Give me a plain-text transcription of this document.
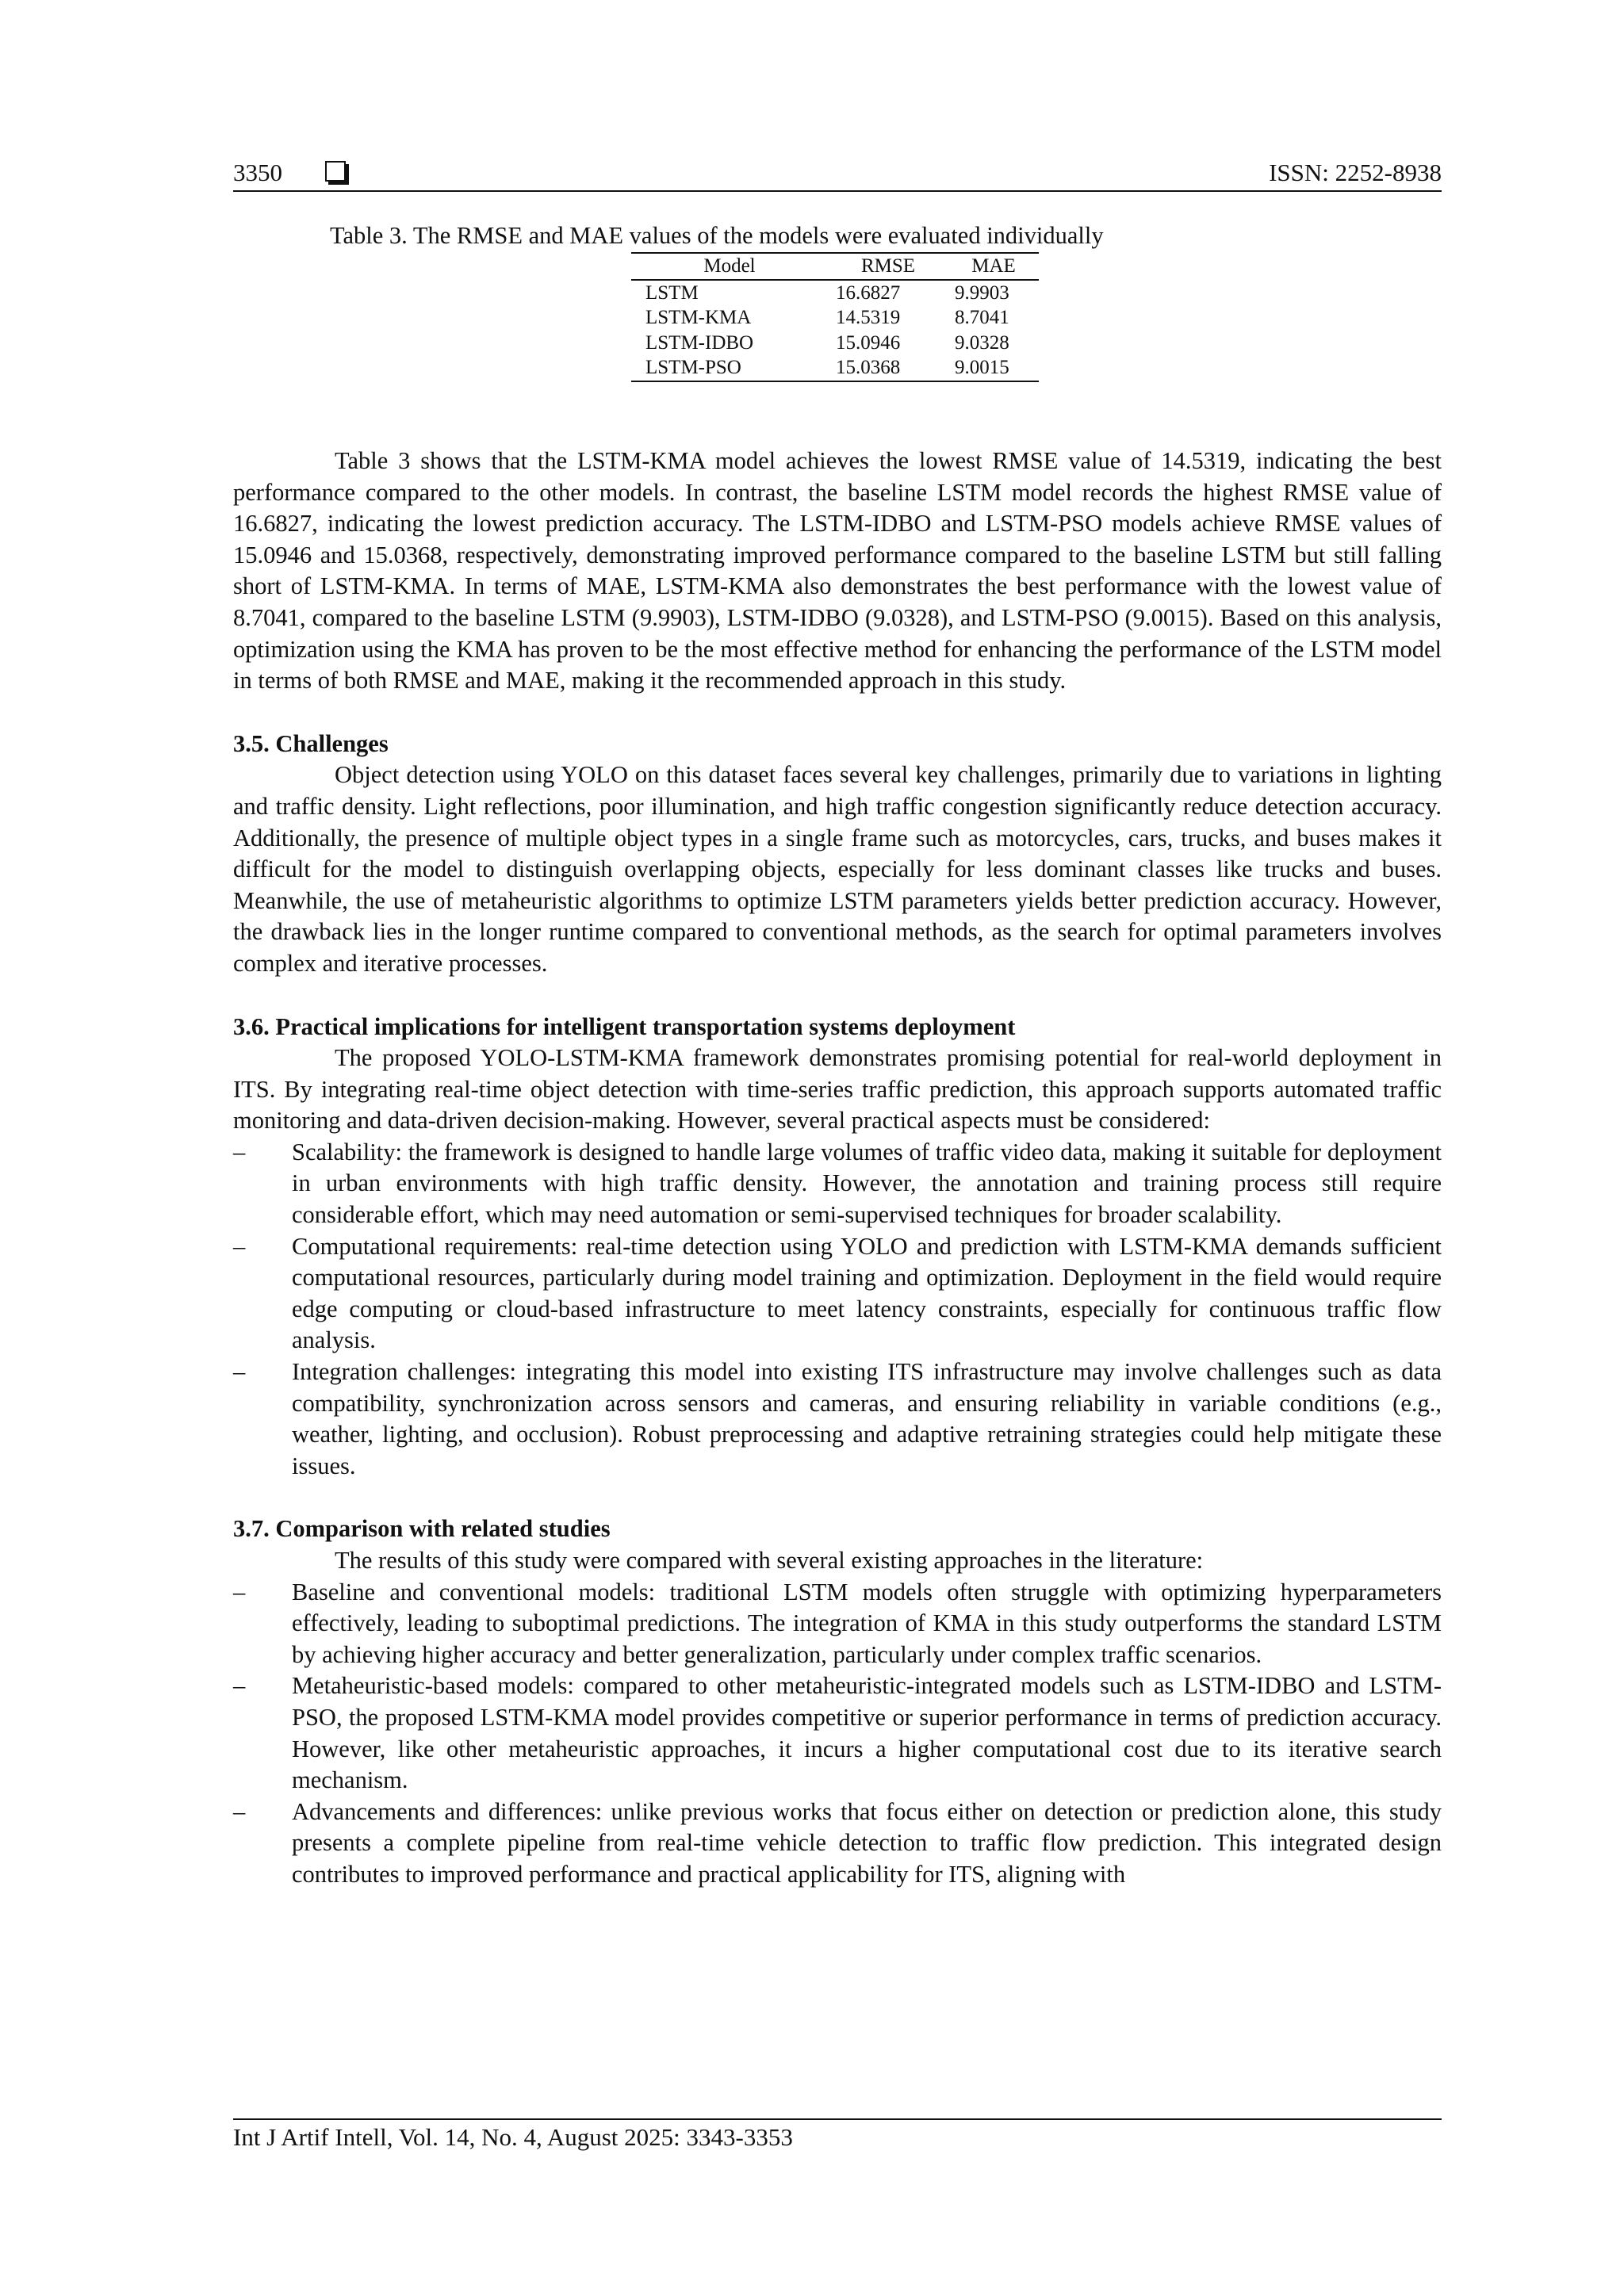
3350	ISSN: 2252-8938
Table 3. The RMSE and MAE values of the models were evaluated individually
Model	RMSE	MAE
LSTM	16.6827	9.9903
LSTM-KMA	14.5319	8.7041
LSTM-IDBO	15.0946	9.0328
LSTM-PSO	15.0368	9.0015

Table 3 shows that the LSTM-KMA model achieves the lowest RMSE value of 14.5319, indicating the best performance compared to the other models. In contrast, the baseline LSTM model records the highest RMSE value of 16.6827, indicating the lowest prediction accuracy. The LSTM-IDBO and LSTM-PSO models achieve RMSE values of 15.0946 and 15.0368, respectively, demonstrating improved performance compared to the baseline LSTM but still falling short of LSTM-KMA. In terms of MAE, LSTM-KMA also demonstrates the best performance with the lowest value of 8.7041, compared to the baseline LSTM (9.9903), LSTM-IDBO (9.0328), and LSTM-PSO (9.0015). Based on this analysis, optimization using the KMA has proven to be the most effective method for enhancing the performance of the LSTM model in terms of both RMSE and MAE, making it the recommended approach in this study.

3.5. Challenges

Object detection using YOLO on this dataset faces several key challenges, primarily due to variations in lighting and traffic density. Light reflections, poor illumination, and high traffic congestion significantly reduce detection accuracy. Additionally, the presence of multiple object types in a single frame such as motorcycles, cars, trucks, and buses makes it difficult for the model to distinguish overlapping objects, especially for less dominant classes like trucks and buses. Meanwhile, the use of metaheuristic algorithms to optimize LSTM parameters yields better prediction accuracy. However, the drawback lies in the longer runtime compared to conventional methods, as the search for optimal parameters involves complex and iterative processes.

3.6. Practical implications for intelligent transportation systems deployment

The proposed YOLO-LSTM-KMA framework demonstrates promising potential for real-world deployment in ITS. By integrating real-time object detection with time-series traffic prediction, this approach supports automated traffic monitoring and data-driven decision-making. However, several practical aspects must be considered:

– Scalability: the framework is designed to handle large volumes of traffic video data, making it suitable for deployment in urban environments with high traffic density. However, the annotation and training process still require considerable effort, which may need automation or semi-supervised techniques for broader scalability.
– Computational requirements: real-time detection using YOLO and prediction with LSTM-KMA demands sufficient computational resources, particularly during model training and optimization. Deployment in the field would require edge computing or cloud-based infrastructure to meet latency constraints, especially for continuous traffic flow analysis.
– Integration challenges: integrating this model into existing ITS infrastructure may involve challenges such as data compatibility, synchronization across sensors and cameras, and ensuring reliability in variable conditions (e.g., weather, lighting, and occlusion). Robust preprocessing and adaptive retraining strategies could help mitigate these issues.
3.7. Comparison with related studies

The results of this study were compared with several existing approaches in the literature:

– Baseline and conventional models: traditional LSTM models often struggle with optimizing hyperparameters effectively, leading to suboptimal predictions. The integration of KMA in this study outperforms the standard LSTM by achieving higher accuracy and better generalization, particularly under complex traffic scenarios.
– Metaheuristic-based models: compared to other metaheuristic-integrated models such as LSTM-IDBO and LSTM-PSO, the proposed LSTM-KMA model provides competitive or superior performance in terms of prediction accuracy. However, like other metaheuristic approaches, it incurs a higher computational cost due to its iterative search mechanism.
– Advancements and differences: unlike previous works that focus either on detection or prediction alone, this study presents a complete pipeline from real-time vehicle detection to traffic flow prediction. This integrated design contributes to improved performance and practical applicability for ITS, aligning with
Int J Artif Intell, Vol. 14, No. 4, August 2025: 3343-3353
